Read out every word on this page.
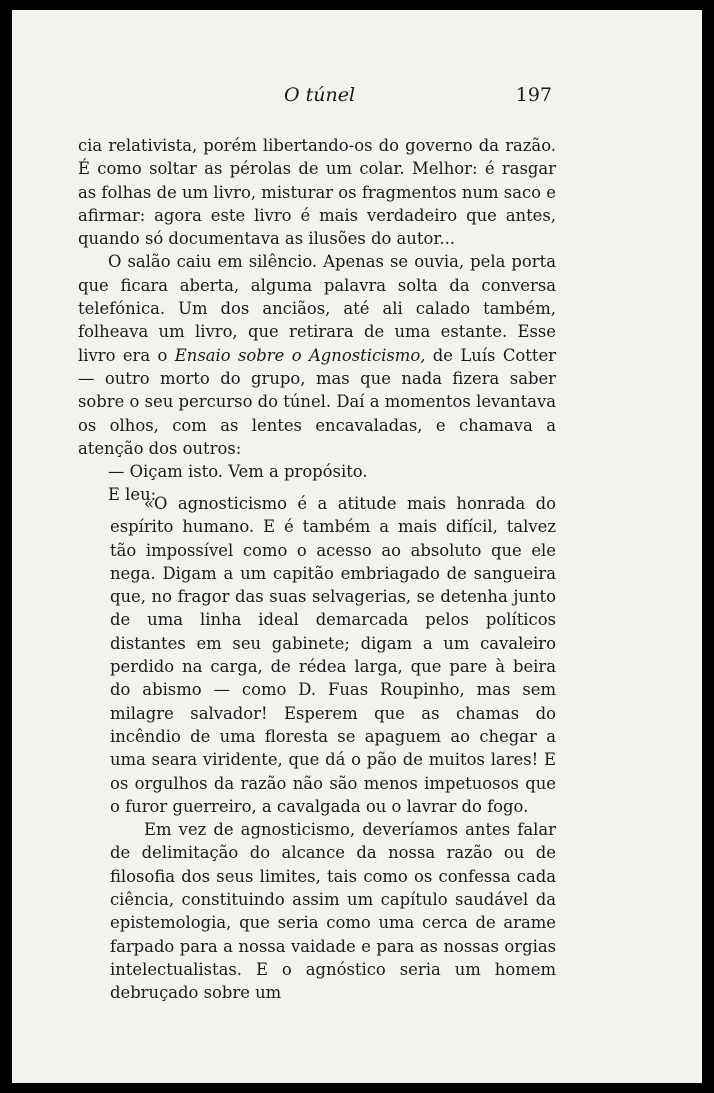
O túnel	197

cia relativista, porém libertando-os do governo da razão. É como soltar as pérolas de um colar. Melhor: é rasgar as folhas de um livro, misturar os fragmentos num saco e afirmar: agora este livro é mais verdadeiro que antes, quando só documentava as ilusões do autor...

O salão caiu em silêncio. Apenas se ouvia, pela porta que ficara aberta, alguma palavra solta da conversa telefónica. Um dos anciãos, até ali calado também, folheava um livro, que retirara de uma estante. Esse livro era o Ensaio sobre o Agnosticismo, de Luís Cotter — outro morto do grupo, mas que nada fizera saber sobre o seu percurso do túnel. Daí a momentos levantava os olhos, com as lentes encavaladas, e chamava a atenção dos outros:

— Oiçam isto. Vem a propósito.

E leu:

«O agnosticismo é a atitude mais honrada do espírito humano. E é também a mais difícil, talvez tão impossível como o acesso ao absoluto que ele nega. Digam a um capitão embriagado de sangueira que, no fragor das suas selvagerias, se detenha junto de uma linha ideal demarcada pelos políticos distantes em seu gabinete; digam a um cavaleiro perdido na carga, de rédea larga, que pare à beira do abismo — como D. Fuas Roupinho, mas sem milagre salvador! Esperem que as chamas do incêndio de uma floresta se apaguem ao chegar a uma seara viridente, que dá o pão de muitos lares! E os orgulhos da razão não são menos impetuosos que o furor guerreiro, a cavalgada ou o lavrar do fogo.

Em vez de agnosticismo, deveríamos antes falar de delimitação do alcance da nossa razão ou de filosofia dos seus limites, tais como os confessa cada ciência, constituindo assim um capítulo saudável da epistemologia, que seria como uma cerca de arame farpado para a nossa vaidade e para as nossas orgias intelectualistas. E o agnóstico seria um homem debruçado sobre um
